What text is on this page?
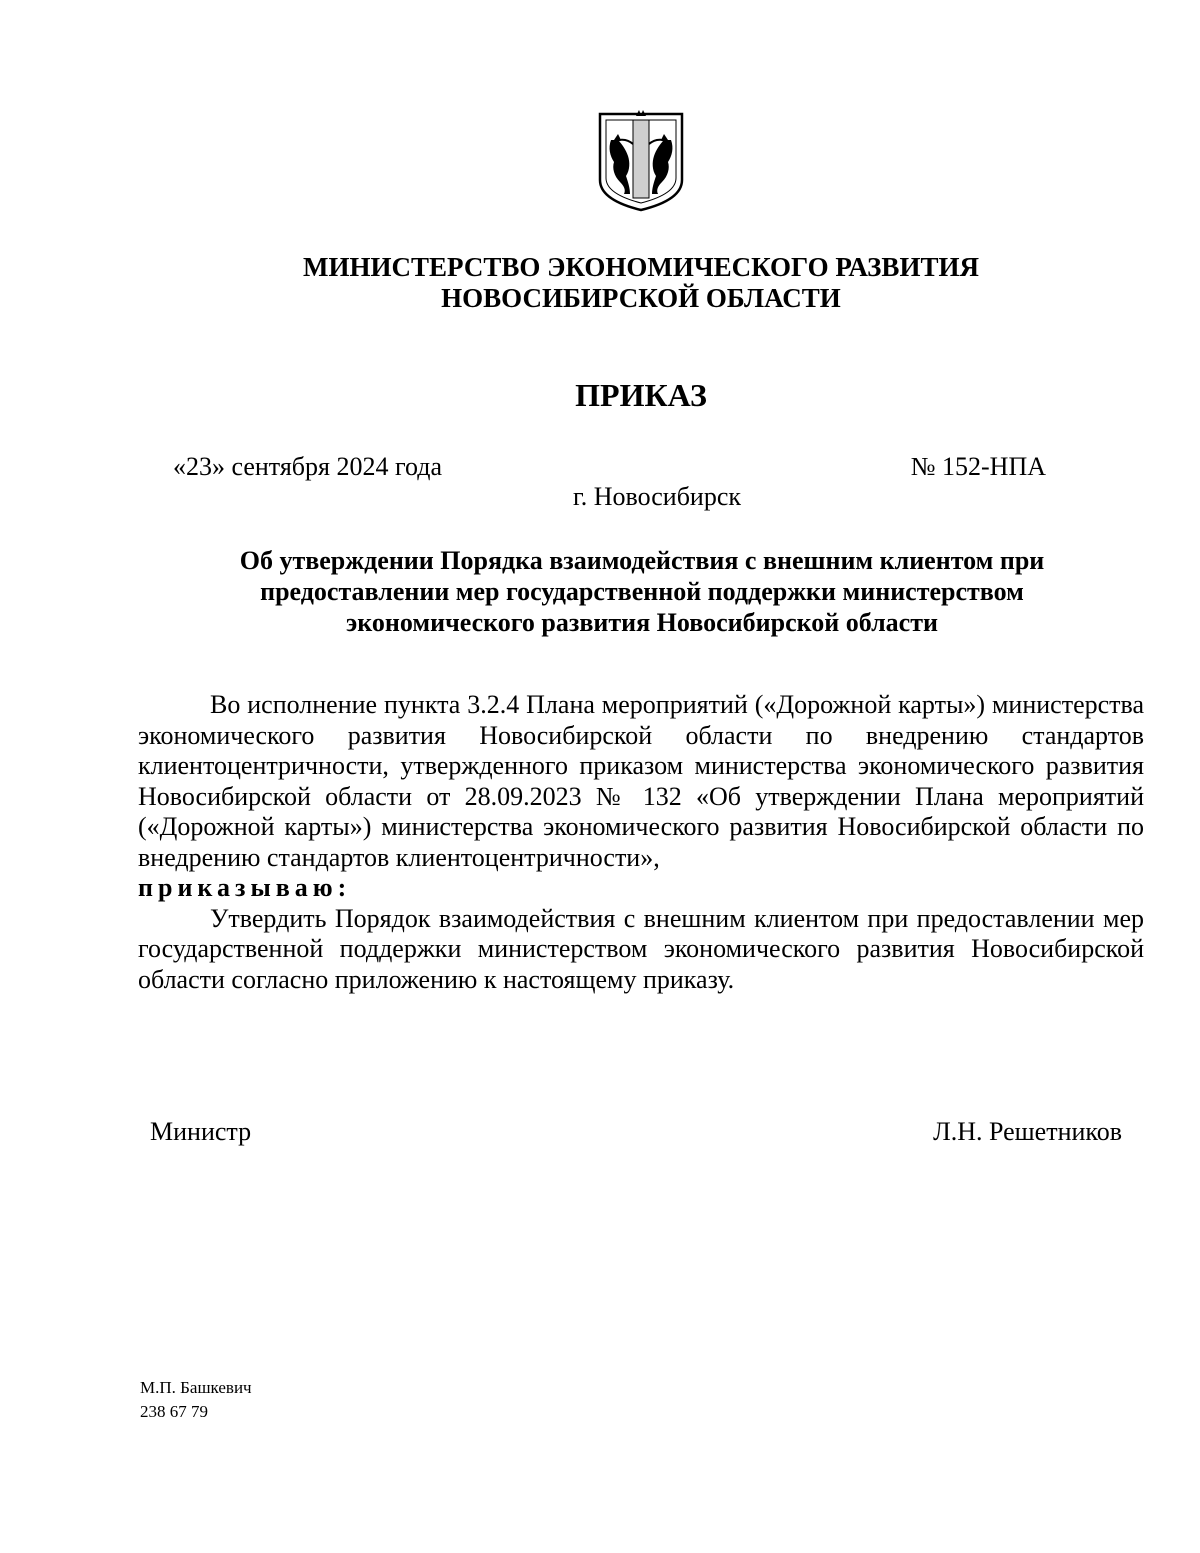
МИНИСТЕРСТВО ЭКОНОМИЧЕСКОГО РАЗВИТИЯ
НОВОСИБИРСКОЙ ОБЛАСТИ
ПРИКАЗ
«23» сентября 2024 года	№ 152-НПА
г. Новосибирск
Об утверждении Порядка взаимодействия с внешним клиентом при
предоставлении мер государственной поддержки министерством
экономического развития Новосибирской области

Во исполнение пункта 3.2.4 Плана мероприятий («Дорожной карты») министерства экономического развития Новосибирской области по внедрению стандартов клиентоцентричности, утвержденного приказом министерства экономического развития Новосибирской области от 28.09.2023 № 132 «Об утверждении Плана мероприятий («Дорожной карты») министерства экономического развития Новосибирской области по внедрению стандартов клиентоцентричности»,

приказываю:

Утвердить Порядок взаимодействия с внешним клиентом при предоставлении мер государственной поддержки министерством экономического развития Новосибирской области согласно приложению к настоящему приказу.

Министр	Л.Н. Решетников
М.П. Башкевич
238 67 79
